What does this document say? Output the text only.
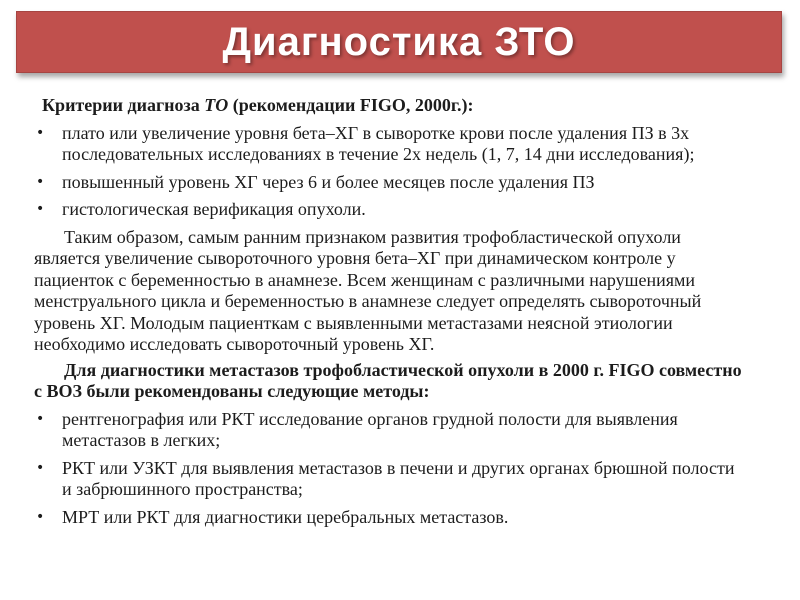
Диагностика ЗТО

Критерии диагноза ТО (рекомендации FIGO, 2000г.):

• плато или увеличение уровня бета–ХГ в сыворотке крови после удаления ПЗ в 3х последовательных исследованиях в течение 2х недель (1, 7, 14 дни исследования);
• повышенный уровень ХГ через 6 и более месяцев после удаления ПЗ
• гистологическая верификация опухоли.

Таким образом, самым ранним признаком развития трофобластической опухоли является увеличение сывороточного уровня бета–ХГ при динамическом контроле у пациенток с беременностью в анамнезе. Всем женщинам с различными нарушениями менструального цикла и беременностью в анамнезе следует определять сывороточный уровень ХГ. Молодым пациенткам с выявленными метастазами неясной этиологии необходимо исследовать сывороточный уровень ХГ.

Для диагностики метастазов трофобластической опухоли в 2000 г. FIGO совместно с ВОЗ были рекомендованы следующие методы:

• рентгенография или РКТ исследование органов грудной полости для выявления метастазов в легких;
• РКТ или УЗКТ для выявления метастазов в печени и других органах брюшной полости и забрюшинного пространства;
• МРТ или РКТ для диагностики церебральных метастазов.
